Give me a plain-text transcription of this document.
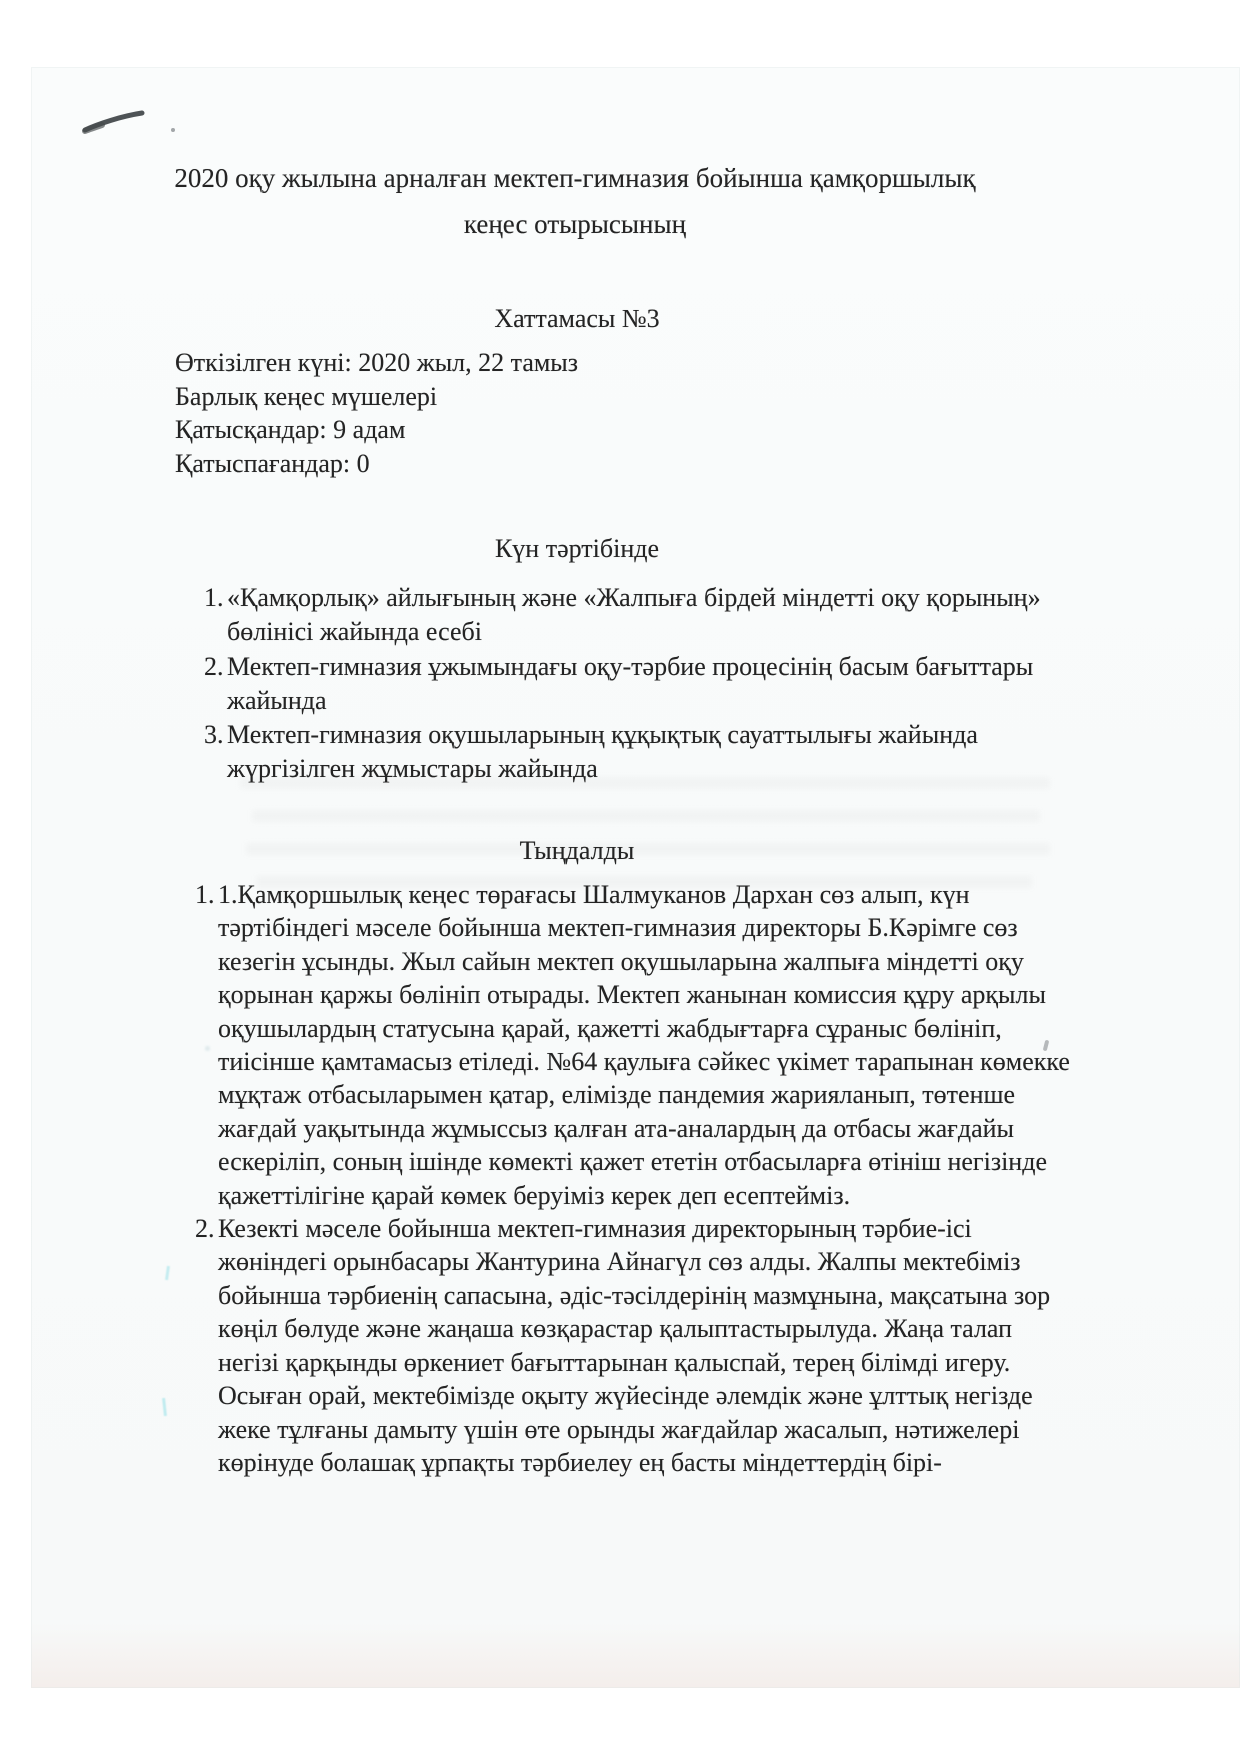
2020 оқу жылына арналған мектеп-гимназия бойынша қамқоршылық кеңес отырысының
Хаттамасы №3
Өткізілген күні: 2020 жыл, 22 тамыз
Барлық кеңес мүшелері
Қатысқандар: 9 адам
Қатыспағандар: 0
Күн тәртібінде
1. «Қамқорлық» айлығының және «Жалпыға бірдей міндетті оқу қорының» бөлінісі жайында есебі
2. Мектеп-гимназия ұжымындағы оқу-тәрбие процесінің басым бағыттары жайында
3. Мектеп-гимназия оқушыларының құқықтық сауаттылығы жайында жүргізілген жұмыстары жайында
Тыңдалды
1. 1.Қамқоршылық кеңес төрағасы Шалмуканов Дархан сөз алып, күн тәртібіндегі мәселе бойынша мектеп-гимназия директоры Б.Кәрімге сөз кезегін ұсынды. Жыл сайын мектеп оқушыларына жалпыға міндетті оқу қорынан қаржы бөлініп отырады. Мектеп жанынан комиссия құру арқылы оқушылардың статусына қарай, қажетті жабдығтарға сұраныс бөлініп, тиісінше қамтамасыз етіледі. №64 қаулыға сәйкес үкімет тарапынан көмекке мұқтаж отбасыларымен қатар, елімізде пандемия жарияланып, төтенше жағдай уақытында жұмыссыз қалған ата-аналардың да отбасы жағдайы ескеріліп, соның ішінде көмекті қажет ететін отбасыларға өтініш негізінде қажеттілігіне қарай көмек беруіміз керек деп есептейміз.
2. Кезекті мәселе бойынша мектеп-гимназия директорының тәрбие-ісі жөніндегі орынбасары Жантурина Айнагүл сөз алды. Жалпы мектебіміз бойынша тәрбиенің сапасына, әдіс-тәсілдерінің мазмұнына, мақсатына зор көңіл бөлуде және жаңаша көзқарастар қалыптастырылуда. Жаңа талап негізі қарқынды өркениет бағыттарынан қалыспай, терең білімді игеру. Осыған орай, мектебімізде оқыту жүйесінде әлемдік және ұлттық негізде жеке тұлғаны дамыту үшін өте орынды жағдайлар жасалып, нәтижелері көрінуде болашақ ұрпақты тәрбиелеу ең басты міндеттердің бірі-
